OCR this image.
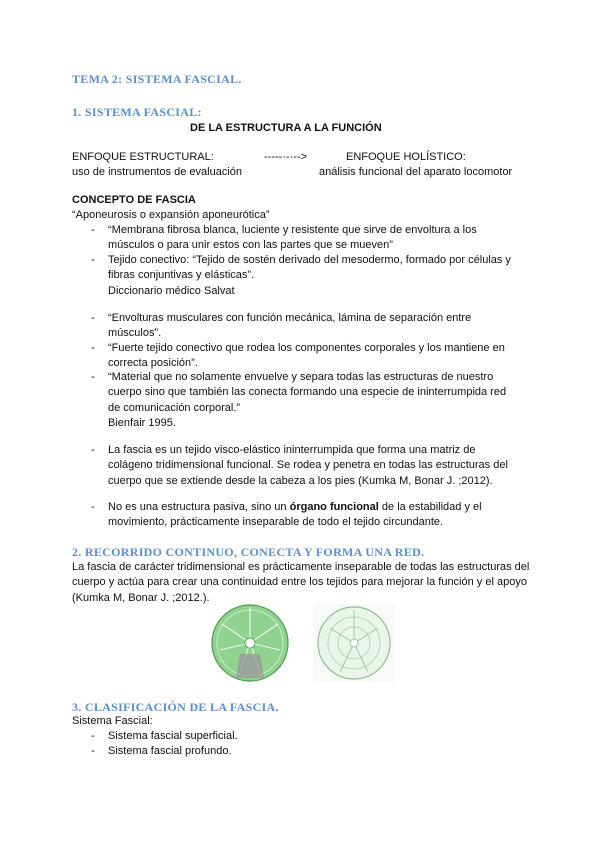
TEMA 2: SISTEMA FASCIAL.
1. SISTEMA FASCIAL:
DE LA ESTRUCTURA A LA FUNCIÓN
ENFOQUE ESTRUCTURAL:	-----·-·-->	ENFOQUE HOLÍSTICO:
uso de instrumentos de evaluación	análisis funcional del aparato locomotor
CONCEPTO DE FASCIA
“Aponeurosis o expansión aponeurótica”
- “Membrana fibrosa blanca, luciente y resistente que sirve de envoltura a los músculos o para unir estos con las partes que se mueven”
- Tejido conectivo: “Tejido de sostén derivado del mesodermo, formado por células y fibras conjuntivas y elásticas”.
Diccionario médico Salvat
- “Envolturas musculares con función mecánica, lámina de separación entre músculos”.
- “Fuerte tejido conectivo que rodea los componentes corporales y los mantiene en correcta posición”.
- “Material que no solamente envuelve y separa todas las estructuras de nuestro cuerpo sino que también las conecta formando una especie de ininterrumpida red de comunicación corporal.”
Bienfair 1995.
- La fascia es un tejido visco-elástico ininterrumpida que forma una matriz de colágeno tridimensional funcional. Se rodea y penetra en todas las estructuras del cuerpo que se extiende desde la cabeza a los pies (Kumka M, Bonar J. ;2012).
- No es una estructura pasiva, sino un órgano funcional de la estabilidad y el movimiento, prácticamente inseparable de todo el tejido circundante.
2. RECORRIDO CONTINUO, CONECTA Y FORMA UNA RED.
La fascia de carácter tridimensional es prácticamente inseparable de todas las estructuras del cuerpo y actúa para crear una continuidad entre los tejidos para mejorar la función y el apoyo (Kumka M, Bonar J. ;2012.).
3. CLASIFICACIÓN DE LA FASCIA.
Sistema Fascial:
- Sistema fascial superficial.
- Sistema fascial profundo.
